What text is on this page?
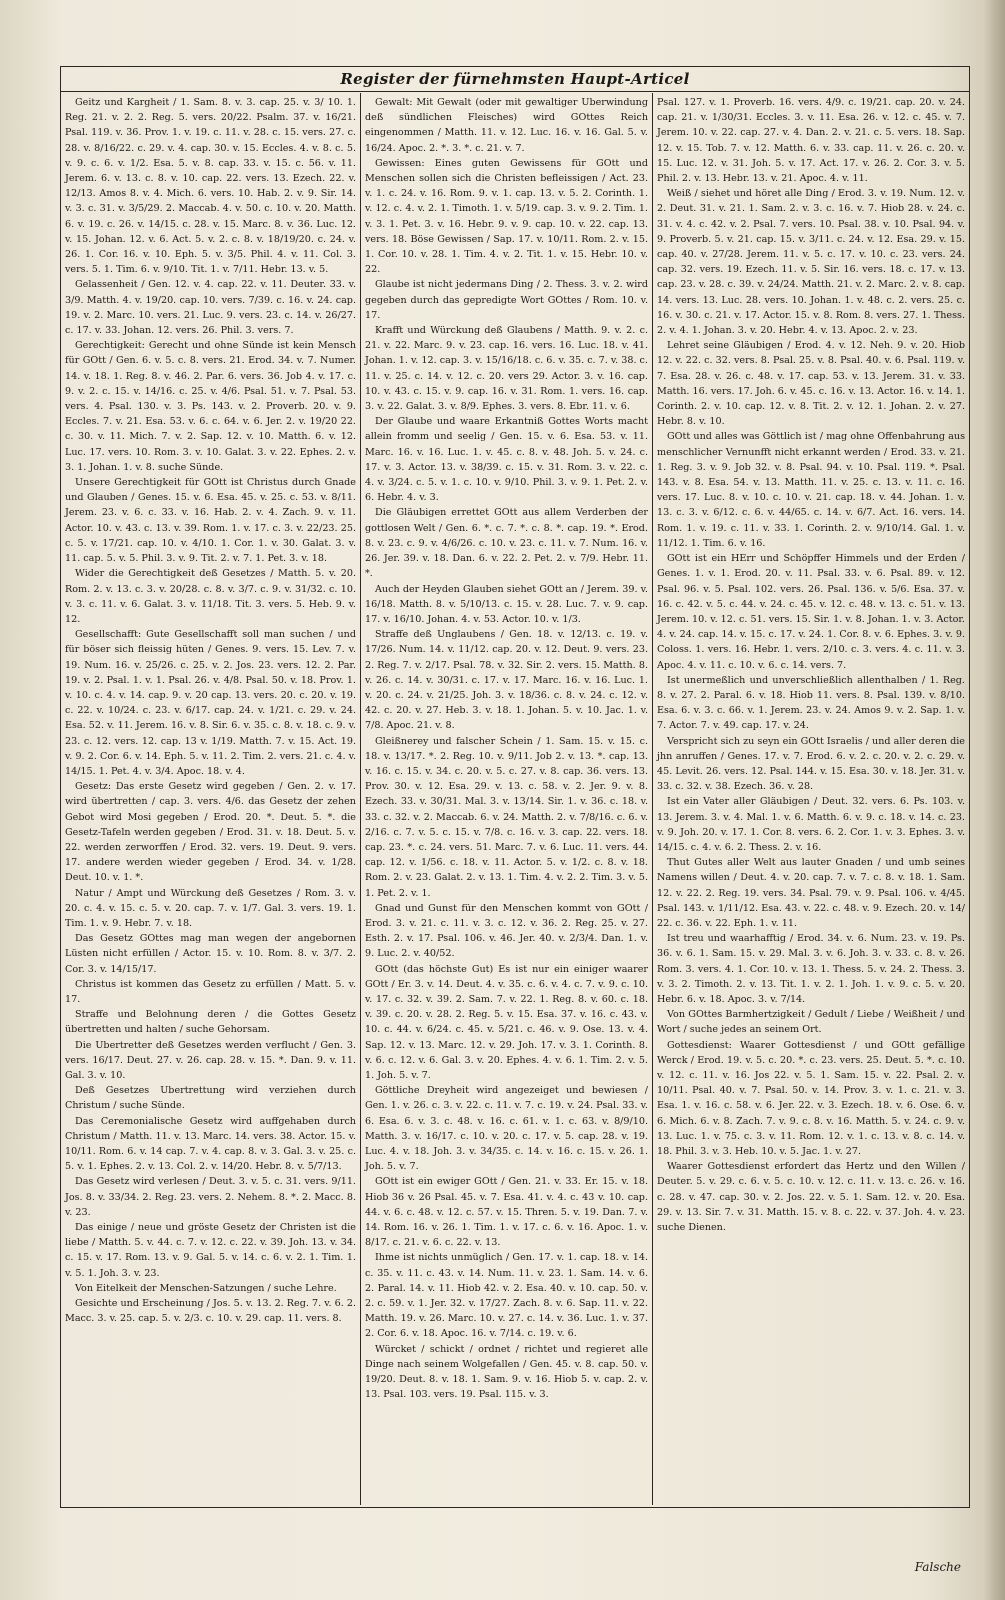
Register der fürnehmsten Haupt-Articel

Geitz und Kargheit / 1. Sam. 8. v. 3. cap. 25. v. 3/ 10. 1. Reg. 21. v. 2. 2. Reg. 5. vers. 20/22. Psalm. 37. v. 16/21. Psal. 119. v. 36. Prov. 1. v. 19. c. 11. v. 28. c. 15. vers. 27. c. 28. v. 8/16/22. c. 29. v. 4. cap. 30. v. 15. Eccles. 4. v. 8. c. 5. v. 9. c. 6. v. 1/2. Esa. 5. v. 8. cap. 33. v. 15. c. 56. v. 11. Jerem. 6. v. 13. c. 8. v. 10. cap. 22. vers. 13. Ezech. 22. v. 12/13. Amos 8. v. 4. Mich. 6. vers. 10. Hab. 2. v. 9. Sir. 14. v. 3. c. 31. v. 3/5/29. 2. Maccab. 4. v. 50. c. 10. v. 20. Matth. 6. v. 19. c. 26. v. 14/15. c. 28. v. 15. Marc. 8. v. 36. Luc. 12. v. 15. Johan. 12. v. 6. Act. 5. v. 2. c. 8. v. 18/19/20. c. 24. v. 26. 1. Cor. 16. v. 10. Eph. 5. v. 3/5. Phil. 4. v. 11. Col. 3. vers. 5. 1. Tim. 6. v. 9/10. Tit. 1. v. 7/11. Hebr. 13. v. 5.

Gelassenheit / Gen. 12. v. 4. cap. 22. v. 11. Deuter. 33. v. 3/9. Matth. 4. v. 19/20. cap. 10. vers. 7/39. c. 16. v. 24. cap. 19. v. 2. Marc. 10. vers. 21. Luc. 9. vers. 23. c. 14. v. 26/27. c. 17. v. 33. Johan. 12. vers. 26. Phil. 3. vers. 7.

Gerechtigkeit: Gerecht und ohne Sünde ist kein Mensch für GOtt / Gen. 6. v. 5. c. 8. vers. 21. Erod. 34. v. 7. Numer. 14. v. 18. 1. Reg. 8. v. 46. 2. Par. 6. vers. 36. Job 4. v. 17. c. 9. v. 2. c. 15. v. 14/16. c. 25. v. 4/6. Psal. 51. v. 7. Psal. 53. vers. 4. Psal. 130. v. 3. Ps. 143. v. 2. Proverb. 20. v. 9. Eccles. 7. v. 21. Esa. 53. v. 6. c. 64. v. 6. Jer. 2. v. 19/20 22. c. 30. v. 11. Mich. 7. v. 2. Sap. 12. v. 10. Matth. 6. v. 12. Luc. 17. vers. 10. Rom. 3. v. 10. Galat. 3. v. 22. Ephes. 2. v. 3. 1. Johan. 1. v. 8. suche Sünde.

Unsere Gerechtigkeit für GOtt ist Christus durch Gnade und Glauben / Genes. 15. v. 6. Esa. 45. v. 25. c. 53. v. 8/11. Jerem. 23. v. 6. c. 33. v. 16. Hab. 2. v. 4. Zach. 9. v. 11. Actor. 10. v. 43. c. 13. v. 39. Rom. 1. v. 17. c. 3. v. 22/23. 25. c. 5. v. 17/21. cap. 10. v. 4/10. 1. Cor. 1. v. 30. Galat. 3. v. 11. cap. 5. v. 5. Phil. 3. v. 9. Tit. 2. v. 7. 1. Pet. 3. v. 18.

Wider die Gerechtigkeit deß Gesetzes / Matth. 5. v. 20. Rom. 2. v. 13. c. 3. v. 20/28. c. 8. v. 3/7. c. 9. v. 31/32. c. 10. v. 3. c. 11. v. 6. Galat. 3. v. 11/18. Tit. 3. vers. 5. Heb. 9. v. 12.

Gesellschafft: Gute Gesellschafft soll man suchen / und für böser sich fleissig hüten / Genes. 9. vers. 15. Lev. 7. v. 19. Num. 16. v. 25/26. c. 25. v. 2. Jos. 23. vers. 12. 2. Par. 19. v. 2. Psal. 1. v. 1. Psal. 26. v. 4/8. Psal. 50. v. 18. Prov. 1. v. 10. c. 4. v. 14. cap. 9. v. 20 cap. 13. vers. 20. c. 20. v. 19. c. 22. v. 10/24. c. 23. v. 6/17. cap. 24. v. 1/21. c. 29. v. 24. Esa. 52. v. 11. Jerem. 16. v. 8. Sir. 6. v. 35. c. 8. v. 18. c. 9. v. 23. c. 12. vers. 12. cap. 13 v. 1/19. Matth. 7. v. 15. Act. 19. v. 9. 2. Cor. 6. v. 14. Eph. 5. v. 11. 2. Tim. 2. vers. 21. c. 4. v. 14/15. 1. Pet. 4. v. 3/4. Apoc. 18. v. 4.

Gesetz: Das erste Gesetz wird gegeben / Gen. 2. v. 17. wird übertretten / cap. 3. vers. 4/6. das Gesetz der zehen Gebot wird Mosi gegeben / Erod. 20. *. Deut. 5. *. die Gesetz-Tafeln werden gegeben / Erod. 31. v. 18. Deut. 5. v. 22. werden zerworffen / Erod. 32. vers. 19. Deut. 9. vers. 17. andere werden wieder gegeben / Erod. 34. v. 1/28. Deut. 10. v. 1. *.

Natur / Ampt und Würckung deß Gesetzes / Rom. 3. v. 20. c. 4. v. 15. c. 5. v. 20. cap. 7. v. 1/7. Gal. 3. vers. 19. 1. Tim. 1. v. 9. Hebr. 7. v. 18.

Das Gesetz GOttes mag man wegen der angebornen Lüsten nicht erfüllen / Actor. 15. v. 10. Rom. 8. v. 3/7. 2. Cor. 3. v. 14/15/17.

Christus ist kommen das Gesetz zu erfüllen / Matt. 5. v. 17.

Straffe und Belohnung deren / die Gottes Gesetz übertretten und halten / suche Gehorsam.

Die Ubertretter deß Gesetzes werden verflucht / Gen. 3. vers. 16/17. Deut. 27. v. 26. cap. 28. v. 15. *. Dan. 9. v. 11. Gal. 3. v. 10.

Deß Gesetzes Ubertrettung wird verziehen durch Christum / suche Sünde.

Das Ceremonialische Gesetz wird auffgehaben durch Christum / Matth. 11. v. 13. Marc. 14. vers. 38. Actor. 15. v. 10/11. Rom. 6. v. 14 cap. 7. v. 4. cap. 8. v. 3. Gal. 3. v. 25. c. 5. v. 1. Ephes. 2. v. 13. Col. 2. v. 14/20. Hebr. 8. v. 5/7/13.

Das Gesetz wird verlesen / Deut. 3. v. 5. c. 31. vers. 9/11. Jos. 8. v. 33/34. 2. Reg. 23. vers. 2. Nehem. 8. *. 2. Macc. 8. v. 23.

Das einige / neue und gröste Gesetz der Christen ist die liebe / Matth. 5. v. 44. c. 7. v. 12. c. 22. v. 39. Joh. 13. v. 34. c. 15. v. 17. Rom. 13. v. 9. Gal. 5. v. 14. c. 6. v. 2. 1. Tim. 1. v. 5. 1. Joh. 3. v. 23.

Von Eitelkeit der Menschen-Satzungen / suche Lehre.

Gesichte und Erscheinung / Jos. 5. v. 13. 2. Reg. 7. v. 6. 2. Macc. 3. v. 25. cap. 5. v. 2/3. c. 10. v. 29. cap. 11. vers. 8.

Gewalt: Mit Gewalt (oder mit gewaltiger Uberwindung deß sündlichen Fleisches) wird GOttes Reich eingenommen / Matth. 11. v. 12. Luc. 16. v. 16. Gal. 5. v. 16/24. Apoc. 2. *. 3. *. c. 21. v. 7.

Gewissen: Eines guten Gewissens für GOtt und Menschen sollen sich die Christen befleissigen / Act. 23. v. 1. c. 24. v. 16. Rom. 9. v. 1. cap. 13. v. 5. 2. Corinth. 1. v. 12. c. 4. v. 2. 1. Timoth. 1. v. 5/19. cap. 3. v. 9. 2. Tim. 1. v. 3. 1. Pet. 3. v. 16. Hebr. 9. v. 9. cap. 10. v. 22. cap. 13. vers. 18. Böse Gewissen / Sap. 17. v. 10/11. Rom. 2. v. 15. 1. Cor. 10. v. 28. 1. Tim. 4. v. 2. Tit. 1. v. 15. Hebr. 10. v. 22.

Glaube ist nicht jedermans Ding / 2. Thess. 3. v. 2. wird gegeben durch das gepredigte Wort GOttes / Rom. 10. v. 17.

Krafft und Würckung deß Glaubens / Matth. 9. v. 2. c. 21. v. 22. Marc. 9. v. 23. cap. 16. vers. 16. Luc. 18. v. 41. Johan. 1. v. 12. cap. 3. v. 15/16/18. c. 6. v. 35. c. 7. v. 38. c. 11. v. 25. c. 14. v. 12. c. 20. vers 29. Actor. 3. v. 16. cap. 10. v. 43. c. 15. v. 9. cap. 16. v. 31. Rom. 1. vers. 16. cap. 3. v. 22. Galat. 3. v. 8/9. Ephes. 3. vers. 8. Ebr. 11. v. 6.

Der Glaube und waare Erkantniß Gottes Worts macht allein fromm und seelig / Gen. 15. v. 6. Esa. 53. v. 11. Marc. 16. v. 16. Luc. 1. v. 45. c. 8. v. 48. Joh. 5. v. 24. c. 17. v. 3. Actor. 13. v. 38/39. c. 15. v. 31. Rom. 3. v. 22. c. 4. v. 3/24. c. 5. v. 1. c. 10. v. 9/10. Phil. 3. v. 9. 1. Pet. 2. v. 6. Hebr. 4. v. 3.

Die Gläubigen errettet GOtt aus allem Verderben der gottlosen Welt / Gen. 6. *. c. 7. *. c. 8. *. cap. 19. *. Erod. 8. v. 23. c. 9. v. 4/6/26. c. 10. v. 23. c. 11. v. 7. Num. 16. v. 26. Jer. 39. v. 18. Dan. 6. v. 22. 2. Pet. 2. v. 7/9. Hebr. 11. *.

Auch der Heyden Glauben siehet GOtt an / Jerem. 39. v. 16/18. Matth. 8. v. 5/10/13. c. 15. v. 28. Luc. 7. v. 9. cap. 17. v. 16/10. Johan. 4. v. 53. Actor. 10. v. 1/3.

Straffe deß Unglaubens / Gen. 18. v. 12/13. c. 19. v. 17/26. Num. 14. v. 11/12. cap. 20. v. 12. Deut. 9. vers. 23. 2. Reg. 7. v. 2/17. Psal. 78. v. 32. Sir. 2. vers. 15. Matth. 8. v. 26. c. 14. v. 30/31. c. 17. v. 17. Marc. 16. v. 16. Luc. 1. v. 20. c. 24. v. 21/25. Joh. 3. v. 18/36. c. 8. v. 24. c. 12. v. 42. c. 20. v. 27. Heb. 3. v. 18. 1. Johan. 5. v. 10. Jac. 1. v. 7/8. Apoc. 21. v. 8.

Gleißnerey und falscher Schein / 1. Sam. 15. v. 15. c. 18. v. 13/17. *. 2. Reg. 10. v. 9/11. Job 2. v. 13. *. cap. 13. v. 16. c. 15. v. 34. c. 20. v. 5. c. 27. v. 8. cap. 36. vers. 13. Prov. 30. v. 12. Esa. 29. v. 13. c. 58. v. 2. Jer. 9. v. 8. Ezech. 33. v. 30/31. Mal. 3. v. 13/14. Sir. 1. v. 36. c. 18. v. 33. c. 32. v. 2. Maccab. 6. v. 24. Matth. 2. v. 7/8/16. c. 6. v. 2/16. c. 7. v. 5. c. 15. v. 7/8. c. 16. v. 3. cap. 22. vers. 18. cap. 23. *. c. 24. vers. 51. Marc. 7. v. 6. Luc. 11. vers. 44. cap. 12. v. 1/56. c. 18. v. 11. Actor. 5. v. 1/2. c. 8. v. 18. Rom. 2. v. 23. Galat. 2. v. 13. 1. Tim. 4. v. 2. 2. Tim. 3. v. 5. 1. Pet. 2. v. 1.

Gnad und Gunst für den Menschen kommt von GOtt / Erod. 3. v. 21. c. 11. v. 3. c. 12. v. 36. 2. Reg. 25. v. 27. Esth. 2. v. 17. Psal. 106. v. 46. Jer. 40. v. 2/3/4. Dan. 1. v. 9. Luc. 2. v. 40/52.

GOtt (das höchste Gut) Es ist nur ein einiger waarer GOtt / Er. 3. v. 14. Deut. 4. v. 35. c. 6. v. 4. c. 7. v. 9. c. 10. v. 17. c. 32. v. 39. 2. Sam. 7. v. 22. 1. Reg. 8. v. 60. c. 18. v. 39. c. 20. v. 28. 2. Reg. 5. v. 15. Esa. 37. v. 16. c. 43. v. 10. c. 44. v. 6/24. c. 45. v. 5/21. c. 46. v. 9. Ose. 13. v. 4. Sap. 12. v. 13. Marc. 12. v. 29. Joh. 17. v. 3. 1. Corinth. 8. v. 6. c. 12. v. 6. Gal. 3. v. 20. Ephes. 4. v. 6. 1. Tim. 2. v. 5. 1. Joh. 5. v. 7.

Göttliche Dreyheit wird angezeiget und bewiesen / Gen. 1. v. 26. c. 3. v. 22. c. 11. v. 7. c. 19. v. 24. Psal. 33. v. 6. Esa. 6. v. 3. c. 48. v. 16. c. 61. v. 1. c. 63. v. 8/9/10. Matth. 3. v. 16/17. c. 10. v. 20. c. 17. v. 5. cap. 28. v. 19. Luc. 4. v. 18. Joh. 3. v. 34/35. c. 14. v. 16. c. 15. v. 26. 1. Joh. 5. v. 7.

GOtt ist ein ewiger GOtt / Gen. 21. v. 33. Er. 15. v. 18. Hiob 36 v. 26 Psal. 45. v. 7. Esa. 41. v. 4. c. 43 v. 10. cap. 44. v. 6. c. 48. v. 12. c. 57. v. 15. Thren. 5. v. 19. Dan. 7. v. 14. Rom. 16. v. 26. 1. Tim. 1. v. 17. c. 6. v. 16. Apoc. 1. v. 8/17. c. 21. v. 6. c. 22. v. 13.

Ihme ist nichts unmüglich / Gen. 17. v. 1. cap. 18. v. 14. c. 35. v. 11. c. 43. v. 14. Num. 11. v. 23. 1. Sam. 14. v. 6. 2. Paral. 14. v. 11. Hiob 42. v. 2. Esa. 40. v. 10. cap. 50. v. 2. c. 59. v. 1. Jer. 32. v. 17/27. Zach. 8. v. 6. Sap. 11. v. 22. Matth. 19. v. 26. Marc. 10. v. 27. c. 14. v. 36. Luc. 1. v. 37. 2. Cor. 6. v. 18. Apoc. 16. v. 7/14. c. 19. v. 6.

Würcket / schickt / ordnet / richtet und regieret alle Dinge nach seinem Wolgefallen / Gen. 45. v. 8. cap. 50. v. 19/20. Deut. 8. v. 18. 1. Sam. 9. v. 16. Hiob 5. v. cap. 2. v. 13. Psal. 103. vers. 19. Psal. 115. v. 3.

Psal. 127. v. 1. Proverb. 16. vers. 4/9. c. 19/21. cap. 20. v. 24. cap. 21. v. 1/30/31. Eccles. 3. v. 11. Esa. 26. v. 12. c. 45. v. 7. Jerem. 10. v. 22. cap. 27. v. 4. Dan. 2. v. 21. c. 5. vers. 18. Sap. 12. v. 15. Tob. 7. v. 12. Matth. 6. v. 33. cap. 11. v. 26. c. 20. v. 15. Luc. 12. v. 31. Joh. 5. v. 17. Act. 17. v. 26. 2. Cor. 3. v. 5. Phil. 2. v. 13. Hebr. 13. v. 21. Apoc. 4. v. 11.

Weiß / siehet und höret alle Ding / Erod. 3. v. 19. Num. 12. v. 2. Deut. 31. v. 21. 1. Sam. 2. v. 3. c. 16. v. 7. Hiob 28. v. 24. c. 31. v. 4. c. 42. v. 2. Psal. 7. vers. 10. Psal. 38. v. 10. Psal. 94. v. 9. Proverb. 5. v. 21. cap. 15. v. 3/11. c. 24. v. 12. Esa. 29. v. 15. cap. 40. v. 27/28. Jerem. 11. v. 5. c. 17. v. 10. c. 23. vers. 24. cap. 32. vers. 19. Ezech. 11. v. 5. Sir. 16. vers. 18. c. 17. v. 13. cap. 23. v. 28. c. 39. v. 24/24. Matth. 21. v. 2. Marc. 2. v. 8. cap. 14. vers. 13. Luc. 28. vers. 10. Johan. 1. v. 48. c. 2. vers. 25. c. 16. v. 30. c. 21. v. 17. Actor. 15. v. 8. Rom. 8. vers. 27. 1. Thess. 2. v. 4. 1. Johan. 3. v. 20. Hebr. 4. v. 13. Apoc. 2. v. 23.

Lehret seine Gläubigen / Erod. 4. v. 12. Neh. 9. v. 20. Hiob 12. v. 22. c. 32. vers. 8. Psal. 25. v. 8. Psal. 40. v. 6. Psal. 119. v. 7. Esa. 28. v. 26. c. 48. v. 17. cap. 53. v. 13. Jerem. 31. v. 33. Matth. 16. vers. 17. Joh. 6. v. 45. c. 16. v. 13. Actor. 16. v. 14. 1. Corinth. 2. v. 10. cap. 12. v. 8. Tit. 2. v. 12. 1. Johan. 2. v. 27. Hebr. 8. v. 10.

GOtt und alles was Göttlich ist / mag ohne Offenbahrung aus menschlicher Vernunfft nicht erkannt werden / Erod. 33. v. 21. 1. Reg. 3. v. 9. Job 32. v. 8. Psal. 94. v. 10. Psal. 119. *. Psal. 143. v. 8. Esa. 54. v. 13. Matth. 11. v. 25. c. 13. v. 11. c. 16. vers. 17. Luc. 8. v. 10. c. 10. v. 21. cap. 18. v. 44. Johan. 1. v. 13. c. 3. v. 6/12. c. 6. v. 44/65. c. 14. v. 6/7. Act. 16. vers. 14. Rom. 1. v. 19. c. 11. v. 33. 1. Corinth. 2. v. 9/10/14. Gal. 1. v. 11/12. 1. Tim. 6. v. 16.

GOtt ist ein HErr und Schöpffer Himmels und der Erden / Genes. 1. v. 1. Erod. 20. v. 11. Psal. 33. v. 6. Psal. 89. v. 12. Psal. 96. v. 5. Psal. 102. vers. 26. Psal. 136. v. 5/6. Esa. 37. v. 16. c. 42. v. 5. c. 44. v. 24. c. 45. v. 12. c. 48. v. 13. c. 51. v. 13. Jerem. 10. v. 12. c. 51. vers. 15. Sir. 1. v. 8. Johan. 1. v. 3. Actor. 4. v. 24. cap. 14. v. 15. c. 17. v. 24. 1. Cor. 8. v. 6. Ephes. 3. v. 9. Coloss. 1. vers. 16. Hebr. 1. vers. 2/10. c. 3. vers. 4. c. 11. v. 3. Apoc. 4. v. 11. c. 10. v. 6. c. 14. vers. 7.

Ist unermeßlich und unverschließlich allenthalben / 1. Reg. 8. v. 27. 2. Paral. 6. v. 18. Hiob 11. vers. 8. Psal. 139. v. 8/10. Esa. 6. v. 3. c. 66. v. 1. Jerem. 23. v. 24. Amos 9. v. 2. Sap. 1. v. 7. Actor. 7. v. 49. cap. 17. v. 24.

Verspricht sich zu seyn ein GOtt Israelis / und aller deren die jhn anruffen / Genes. 17. v. 7. Erod. 6. v. 2. c. 20. v. 2. c. 29. v. 45. Levit. 26. vers. 12. Psal. 144. v. 15. Esa. 30. v. 18. Jer. 31. v. 33. c. 32. v. 38. Ezech. 36. v. 28.

Ist ein Vater aller Gläubigen / Deut. 32. vers. 6. Ps. 103. v. 13. Jerem. 3. v. 4. Mal. 1. v. 6. Matth. 6. v. 9. c. 18. v. 14. c. 23. v. 9. Joh. 20. v. 17. 1. Cor. 8. vers. 6. 2. Cor. 1. v. 3. Ephes. 3. v. 14/15. c. 4. v. 6. 2. Thess. 2. v. 16.

Thut Gutes aller Welt aus lauter Gnaden / und umb seines Namens willen / Deut. 4. v. 20. cap. 7. v. 7. c. 8. v. 18. 1. Sam. 12. v. 22. 2. Reg. 19. vers. 34. Psal. 79. v. 9. Psal. 106. v. 4/45. Psal. 143. v. 1/11/12. Esa. 43. v. 22. c. 48. v. 9. Ezech. 20. v. 14/ 22. c. 36. v. 22. Eph. 1. v. 11.

Ist treu und waarhafftig / Erod. 34. v. 6. Num. 23. v. 19. Ps. 36. v. 6. 1. Sam. 15. v. 29. Mal. 3. v. 6. Joh. 3. v. 33. c. 8. v. 26. Rom. 3. vers. 4. 1. Cor. 10. v. 13. 1. Thess. 5. v. 24. 2. Thess. 3. v. 3. 2. Timoth. 2. v. 13. Tit. 1. v. 2. 1. Joh. 1. v. 9. c. 5. v. 20. Hebr. 6. v. 18. Apoc. 3. v. 7/14.

Von GOttes Barmhertzigkeit / Gedult / Liebe / Weißheit / und Wort / suche jedes an seinem Ort.

Gottesdienst: Waarer Gottesdienst / und GOtt gefällige Werck / Erod. 19. v. 5. c. 20. *. c. 23. vers. 25. Deut. 5. *. c. 10. v. 12. c. 11. v. 16. Jos 22. v. 5. 1. Sam. 15. v. 22. Psal. 2. v. 10/11. Psal. 40. v. 7. Psal. 50. v. 14. Prov. 3. v. 1. c. 21. v. 3. Esa. 1. v. 16. c. 58. v. 6. Jer. 22. v. 3. Ezech. 18. v. 6. Ose. 6. v. 6. Mich. 6. v. 8. Zach. 7. v. 9. c. 8. v. 16. Matth. 5. v. 24. c. 9. v. 13. Luc. 1. v. 75. c. 3. v. 11. Rom. 12. v. 1. c. 13. v. 8. c. 14. v. 18. Phil. 3. v. 3. Heb. 10. v. 5. Jac. 1. v. 27.

Waarer Gottesdienst erfordert das Hertz und den Willen / Deuter. 5. v. 29. c. 6. v. 5. c. 10. v. 12. c. 11. v. 13. c. 26. v. 16. c. 28. v. 47. cap. 30. v. 2. Jos. 22. v. 5. 1. Sam. 12. v. 20. Esa. 29. v. 13. Sir. 7. v. 31. Matth. 15. v. 8. c. 22. v. 37. Joh. 4. v. 23. suche Dienen.

Falsche
